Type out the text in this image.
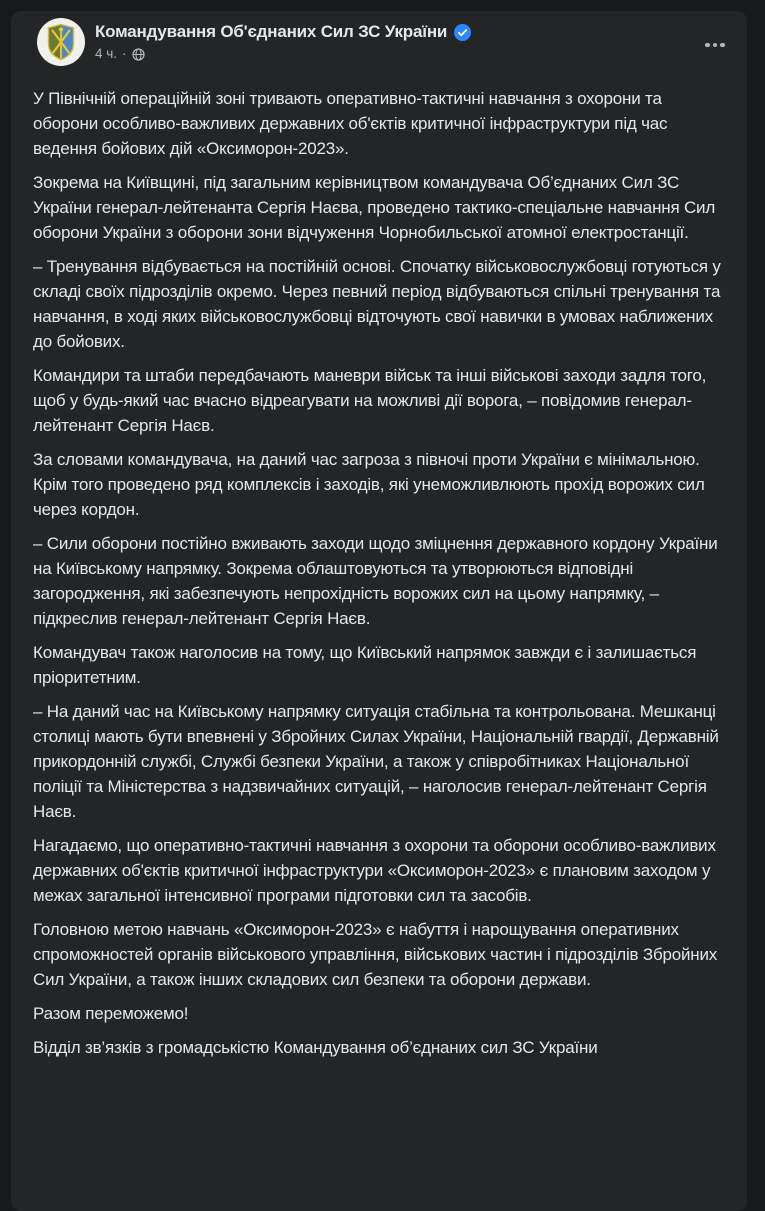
Командування Об'єднаних Сил ЗС України
4 ч. ·

У Північній операційній зоні тривають оперативно-тактичні навчання з охорони та оборони особливо-важливих державних об'єктів критичної інфраструктури під час ведення бойових дій «Оксиморон-2023».

Зокрема на Київщині, під загальним керівництвом командувача Об’єднаних Сил ЗС України генерал-лейтенанта Сергія Наєва, проведено тактико-спеціальне навчання Сил оборони України з оборони зони відчуження Чорнобильської атомної електростанції.

– Тренування відбувається на постійній основі. Спочатку військовослужбовці готуються у складі своїх підрозділів окремо. Через певний період відбуваються спільні тренування та навчання, в ході яких військовослужбовці відточують свої навички в умовах наближених до бойових.

Командири та штаби передбачають маневри військ та інші військові заходи задля того, щоб у будь-який час вчасно відреагувати на можливі дії ворога, – повідомив генерал-лейтенант Сергія Наєв.

За словами командувача, на даний час загроза з півночі проти України є мінімальною. Крім того проведено ряд комплексів і заходів, які унеможливлюють прохід ворожих сил через кордон.

– Сили оборони постійно вживають заходи щодо зміцнення державного кордону України на Київському напрямку. Зокрема облаштовуються та утворюються відповідні загородження, які забезпечують непрохідність ворожих сил на цьому напрямку, – підкреслив генерал-лейтенант Сергія Наєв.

Командувач також наголосив на тому, що Київський напрямок завжди є і залишається пріоритетним.

– На даний час на Київському напрямку ситуація стабільна та контрольована. Мешканці столиці мають бути впевнені у Збройних Силах України, Національній гвардії, Державній прикордонній службі, Службі безпеки України, а також у співробітниках Національної поліції та Міністерства з надзвичайних ситуацій, – наголосив генерал-лейтенант Сергія Наєв.

Нагадаємо, що оперативно-тактичні навчання з охорони та оборони особливо-важливих державних об'єктів критичної інфраструктури «Оксиморон-2023» є плановим заходом у межах загальної інтенсивної програми підготовки сил та засобів.

Головною метою навчань «Оксиморон-2023» є набуття і нарощування оперативних спроможностей органів військового управління, військових частин і підрозділів Збройних Сил України, а також інших складових сил безпеки та оборони держави.

Разом переможемо!

Відділ зв’язків з громадськістю Командування об’єднаних сил ЗС України
